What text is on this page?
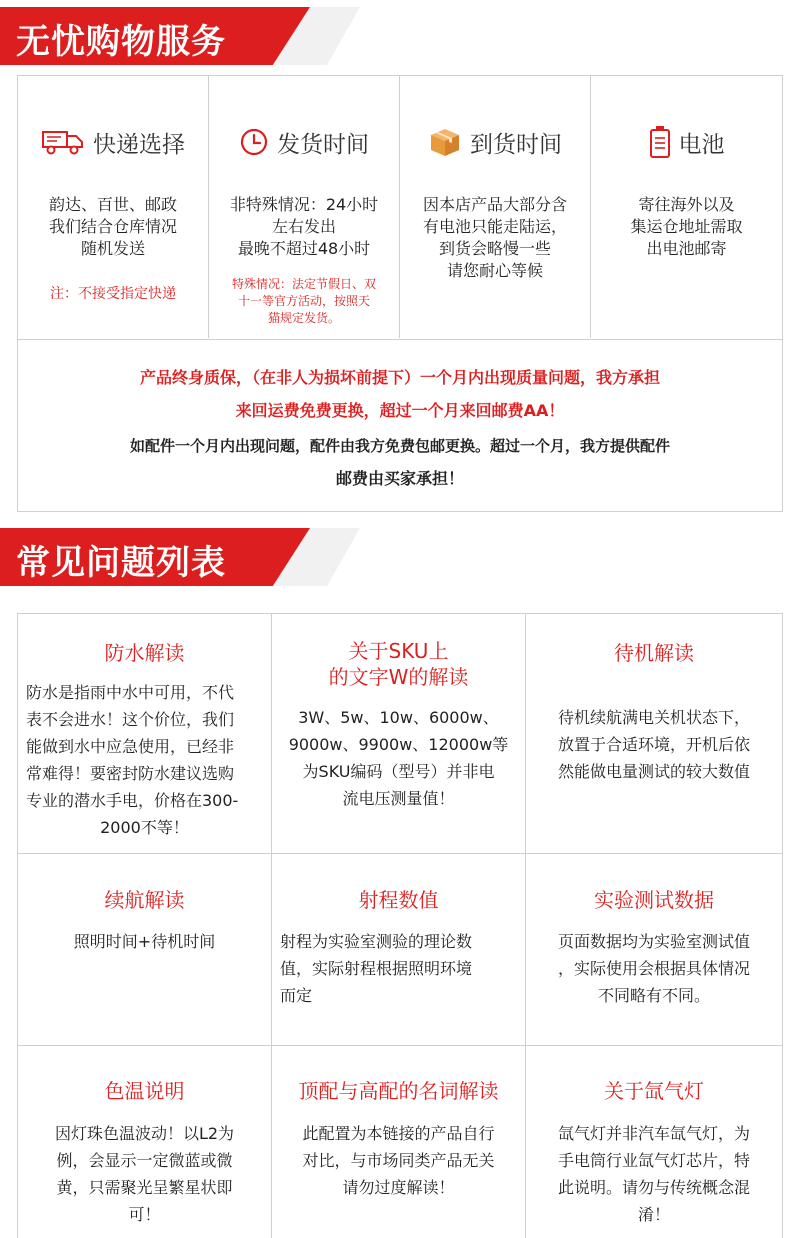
无忧购物服务
快递选择
韵达、百世、邮政
我们结合仓库情况
随机发送
注：不接受指定快递
发货时间
非特殊情况：24小时
左右发出
最晚不超过48小时
特殊情况：法定节假日、双
十一等官方活动，按照天
猫规定发货。
到货时间
因本店产品大部分含
有电池只能走陆运，
到货会略慢一些
请您耐心等候
电池
寄往海外以及
集运仓地址需取
出电池邮寄
产品终身质保，（在非人为损坏前提下）一个月内出现质量问题，我方承担
来回运费免费更换，超过一个月来回邮费AA！
如配件一个月内出现问题，配件由我方免费包邮更换。超过一个月，我方提供配件
邮费由买家承担！
常见问题列表
防水解读
防水是指雨中水中可用，不代
表不会进水！这个价位，我们
能做到水中应急使用，已经非
常难得！要密封防水建议选购
专业的潜水手电，价格在300-
2000不等！
关于SKU上
的文字W的解读
3W、5w、10w、6000w、
9000w、9900w、12000w等
为SKU编码（型号）并非电
流电压测量值！
待机解读
待机续航满电关机状态下，
放置于合适环境，开机后依
然能做电量测试的较大数值
续航解读
照明时间+待机时间
射程数值
射程为实验室测验的理论数
值，实际射程根据照明环境
而定
实验测试数据
页面数据均为实验室测试值
，实际使用会根据具体情况
不同略有不同。
色温说明
因灯珠色温波动！以L2为
例，会显示一定微蓝或微
黄，只需聚光呈繁星状即
可！
顶配与高配的名词解读
此配置为本链接的产品自行
对比，与市场同类产品无关
请勿过度解读！
关于氙气灯
氙气灯并非汽车氙气灯，为
手电筒行业氙气灯芯片，特
此说明。请勿与传统概念混
淆！
